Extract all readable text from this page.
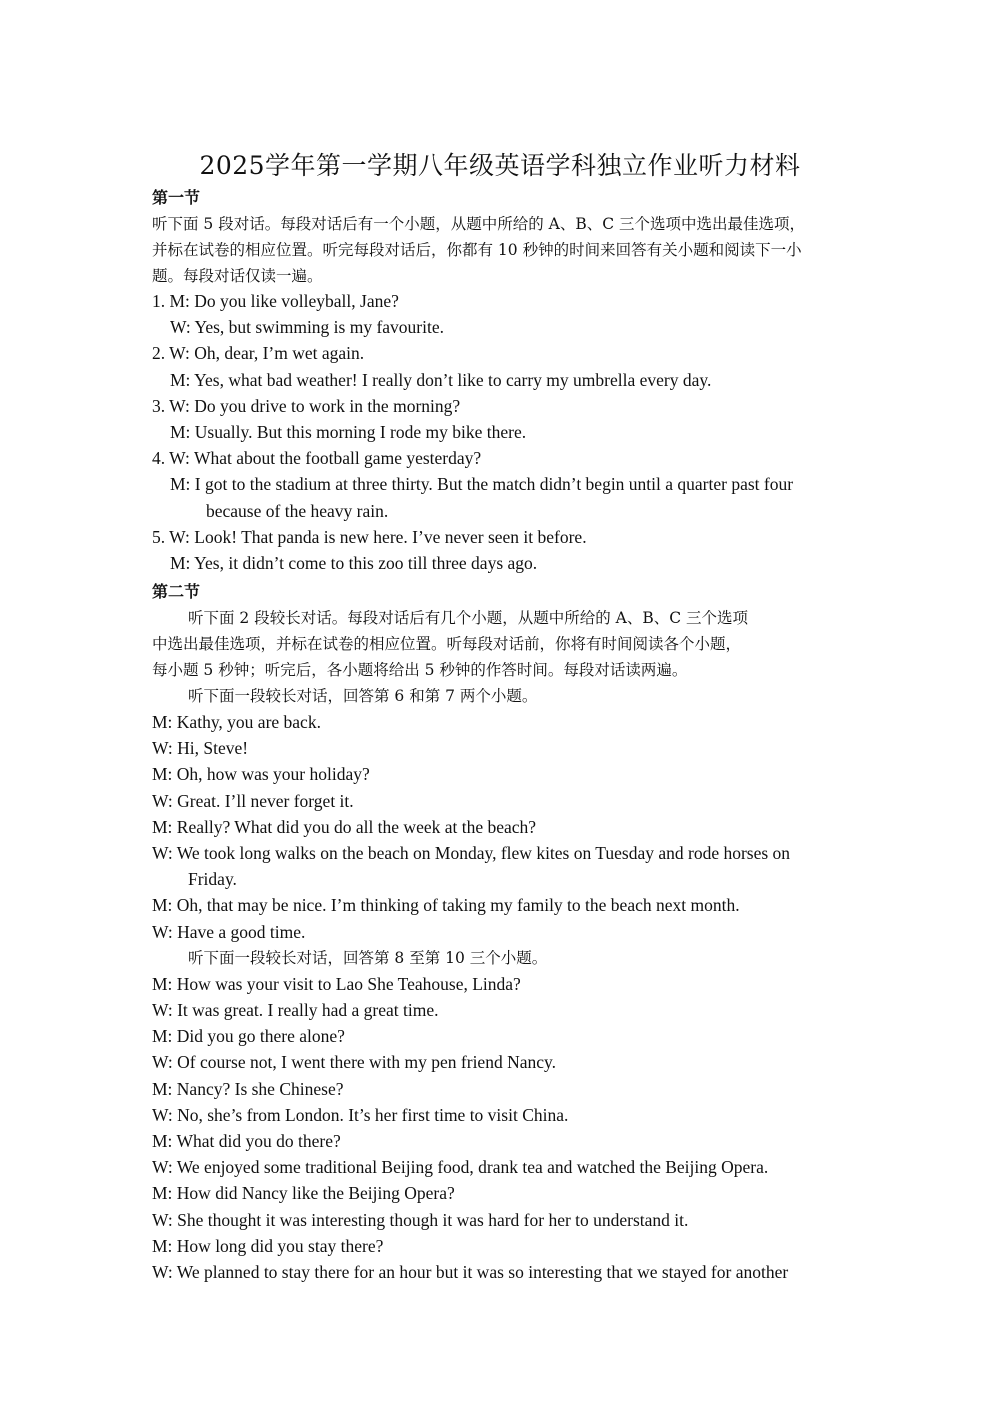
2025学年第一学期八年级英语学科独立作业听力材料
第一节
听下面 5 段对话。每段对话后有一个小题，从题中所给的 A、B、C 三个选项中选出最佳选项，
并标在试卷的相应位置。听完每段对话后，你都有 10 秒钟的时间来回答有关小题和阅读下一小
题。每段对话仅读一遍。
1. M: Do you like volleyball, Jane?
W: Yes, but swimming is my favourite.
2. W: Oh, dear, I’m wet again.
M: Yes, what bad weather! I really don’t like to carry my umbrella every day.
3. W: Do you drive to work in the morning?
M: Usually. But this morning I rode my bike there.
4. W: What about the football game yesterday?
M: I got to the stadium at three thirty. But the match didn’t begin until a quarter past four
because of the heavy rain.
5. W: Look! That panda is new here. I’ve never seen it before.
M: Yes, it didn’t come to this zoo till three days ago.
第二节
听下面 2 段较长对话。每段对话后有几个小题，从题中所给的 A、B、C 三个选项
中选出最佳选项，并标在试卷的相应位置。听每段对话前，你将有时间阅读各个小题，
每小题 5 秒钟；听完后，各小题将给出 5 秒钟的作答时间。每段对话读两遍。
听下面一段较长对话，回答第 6 和第 7 两个小题。
M: Kathy, you are back.
W: Hi, Steve!
M: Oh, how was your holiday?
W: Great. I’ll never forget it.
M: Really? What did you do all the week at the beach?
W: We took long walks on the beach on Monday, flew kites on Tuesday and rode horses on
Friday.
M: Oh, that may be nice. I’m thinking of taking my family to the beach next month.
W: Have a good time.
听下面一段较长对话，回答第 8 至第 10 三个小题。
M: How was your visit to Lao She Teahouse, Linda?
W: It was great. I really had a great time.
M: Did you go there alone?
W: Of course not, I went there with my pen friend Nancy.
M: Nancy? Is she Chinese?
W: No, she’s from London. It’s her first time to visit China.
M: What did you do there?
W: We enjoyed some traditional Beijing food, drank tea and watched the Beijing Opera.
M: How did Nancy like the Beijing Opera?
W: She thought it was interesting though it was hard for her to understand it.
M: How long did you stay there?
W: We planned to stay there for an hour but it was so interesting that we stayed for another
